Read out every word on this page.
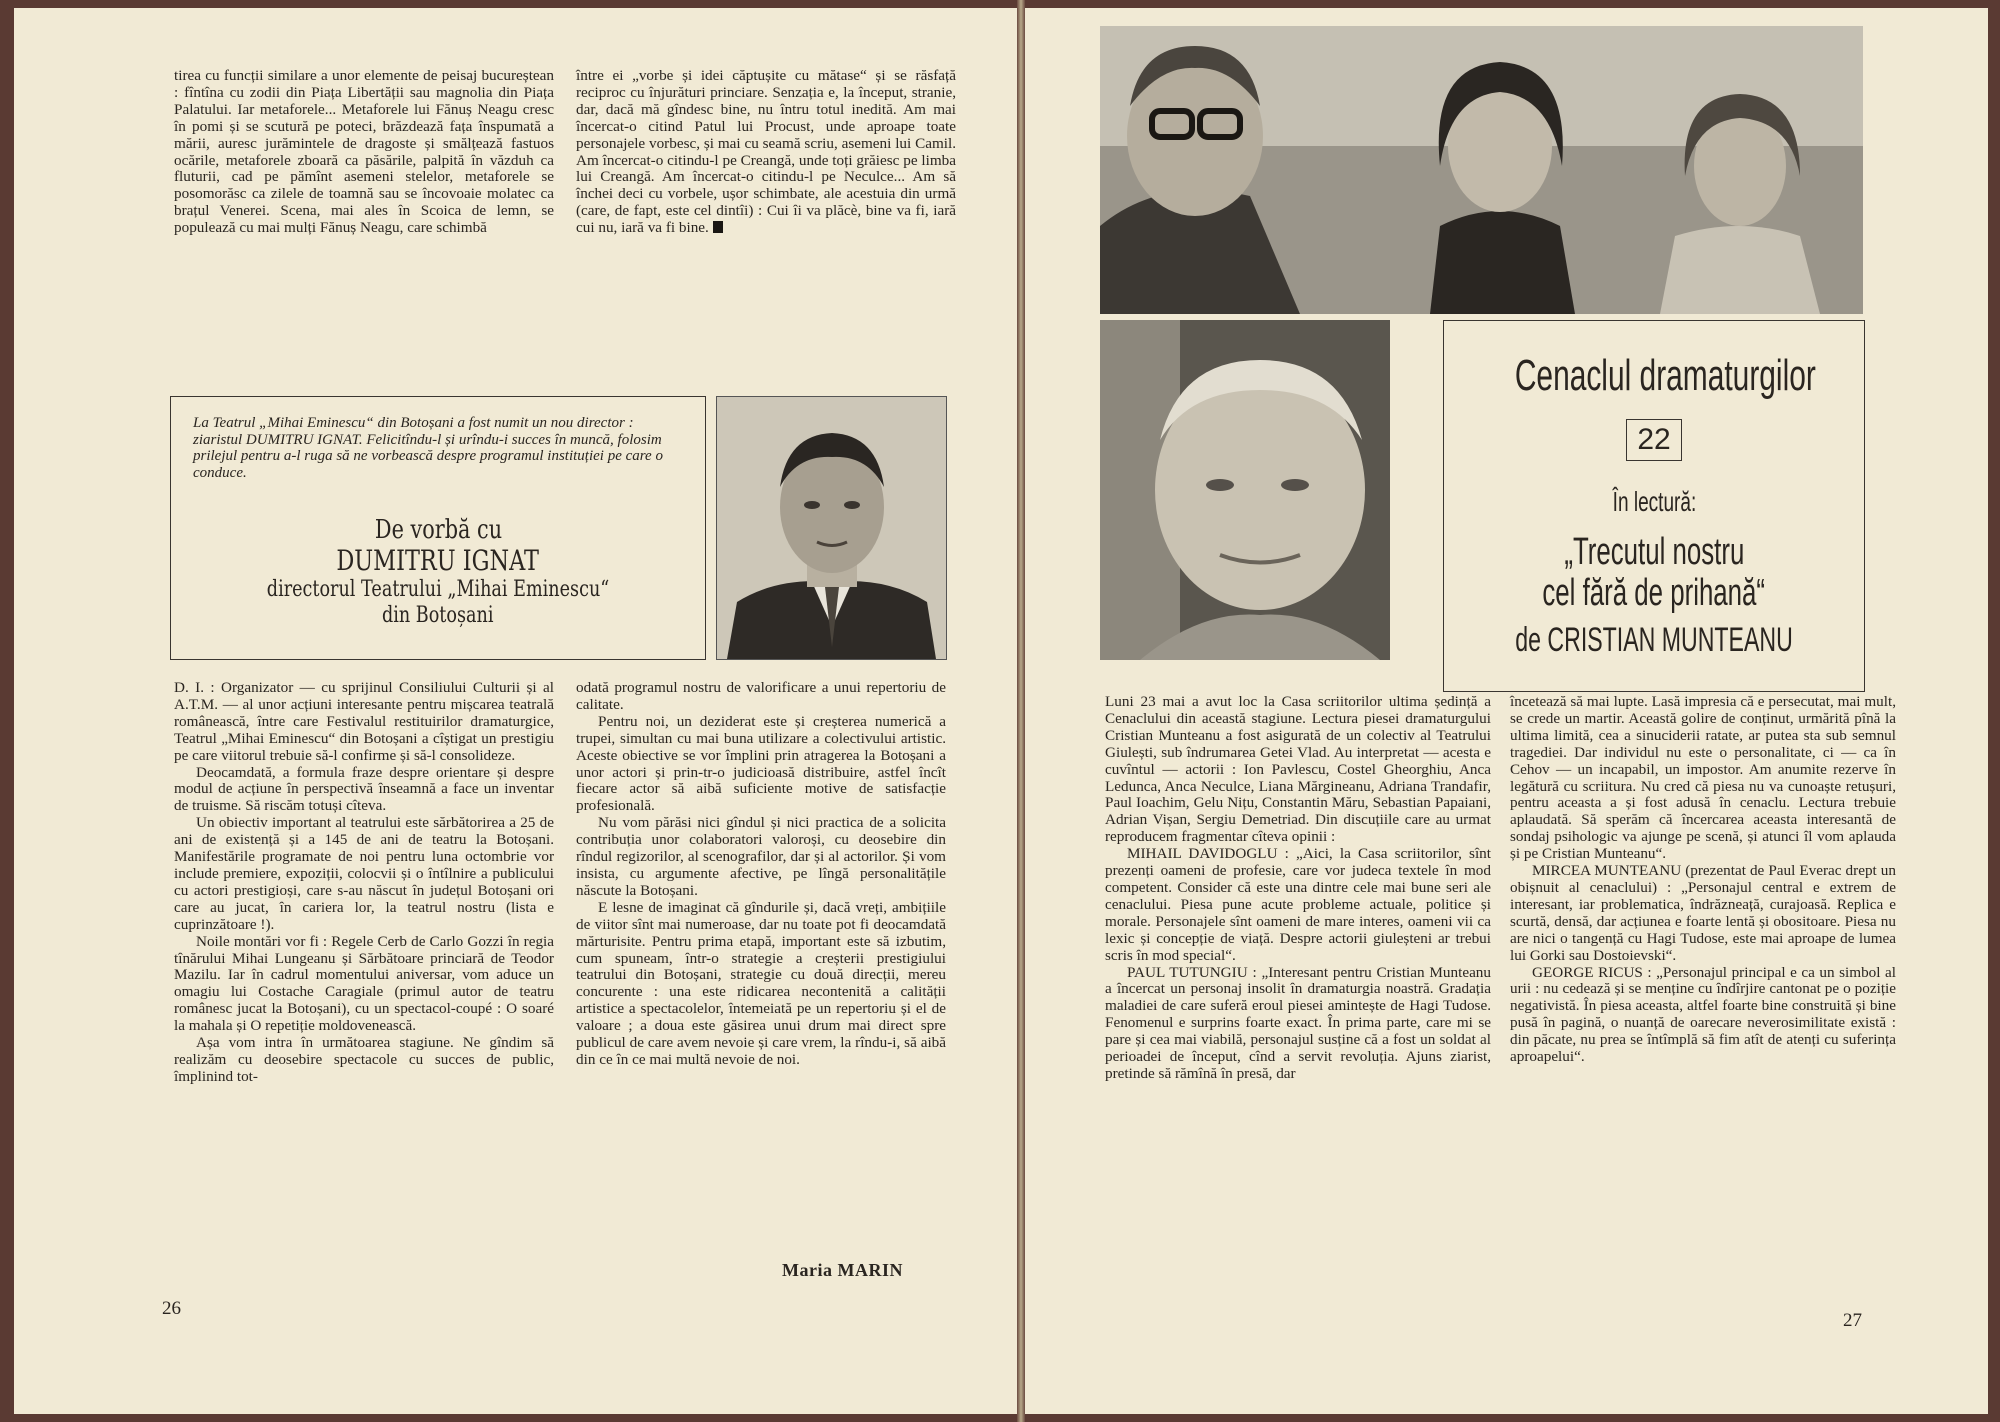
tirea cu funcții similare a unor elemente de peisaj bucureștean : fîntîna cu zodii din Piața Libertății sau magnolia din Piața Palatului. Iar metaforele... Metaforele lui Fănuș Neagu cresc în pomi și se scutură pe poteci, brăzdează fața înspumată a mării, auresc jurămintele de dragoste și smălțează fastuos ocările, metaforele zboară ca păsările, palpită în văzduh ca fluturii, cad pe pămînt asemeni stelelor, metaforele se posomorăsc ca zilele de toamnă sau se încovoaie molatec ca brațul Venerei. Scena, mai ales în Scoica de lemn, se populează cu mai mulți Fănuș Neagu, care schimbă

între ei „vorbe și idei căptușite cu mătase“ și se răsfață reciproc cu înjurături princiare. Senzația e, la început, stranie, dar, dacă mă gîndesc bine, nu întru totul inedită. Am mai încercat-o citind Patul lui Procust, unde aproape toate personajele vorbesc, și mai cu seamă scriu, asemeni lui Camil. Am încercat-o citindu-l pe Creangă, unde toți grăiesc pe limba lui Creangă. Am încercat-o citindu-l pe Neculce... Am să închei deci cu vorbele, ușor schimbate, ale acestuia din urmă (care, de fapt, este cel dintîi) : Cui îi va plăcè, bine va fi, iară cui nu, iară va fi bine.

La Teatrul „Mihai Eminescu“ din Botoșani a fost numit un nou director : ziaristul DUMITRU IGNAT. Felicitîndu-l și urîndu-i succes în muncă, folosim prilejul pentru a-l ruga să ne vorbească despre programul instituției pe care o conduce.
De vorbă cu
DUMITRU IGNAT
directorul Teatrului „Mihai Eminescu“
din Botoșani

D. I. : Organizator — cu sprijinul Consiliului Culturii și al A.T.M. — al unor acțiuni interesante pentru mișcarea teatrală românească, între care Festivalul restituirilor dramaturgice, Teatrul „Mihai Eminescu“ din Botoșani a cîștigat un prestigiu pe care viitorul trebuie să-l confirme și să-l consolideze.

Deocamdată, a formula fraze despre orientare și despre modul de acțiune în perspectivă înseamnă a face un inventar de truisme. Să riscăm totuși cîteva.

Un obiectiv important al teatrului este sărbătorirea a 25 de ani de existență și a 145 de ani de teatru la Botoșani. Manifestările programate de noi pentru luna octombrie vor include premiere, expoziții, colocvii și o întîlnire a publicului cu actori prestigioși, care s-au născut în județul Botoșani ori care au jucat, în cariera lor, la teatrul nostru (lista e cuprinzătoare !).

Noile montări vor fi : Regele Cerb de Carlo Gozzi în regia tînărului Mihai Lungeanu și Sărbătoare princiară de Teodor Mazilu. Iar în cadrul momentului aniversar, vom aduce un omagiu lui Costache Caragiale (primul autor de teatru românesc jucat la Botoșani), cu un spectacol-coupé : O soaré la mahala și O repetiție moldovenească.

Așa vom intra în următoarea stagiune. Ne gîndim să realizăm cu deosebire spectacole cu succes de public, împlinind tot-

odată programul nostru de valorificare a unui repertoriu de calitate.

Pentru noi, un deziderat este și creșterea numerică a trupei, simultan cu mai buna utilizare a colectivului artistic. Aceste obiective se vor împlini prin atragerea la Botoșani a unor actori și prin-tr-o judicioasă distribuire, astfel încît fiecare actor să aibă suficiente motive de satisfacție profesională.

Nu vom părăsi nici gîndul și nici practica de a solicita contribuția unor colaboratori valoroși, cu deosebire din rîndul regizorilor, al scenografilor, dar și al actorilor. Și vom insista, cu argumente afective, pe lîngă personalitățile născute la Botoșani.

E lesne de imaginat că gîndurile și, dacă vreți, ambițiile de viitor sînt mai numeroase, dar nu toate pot fi deocamdată mărturisite. Pentru prima etapă, important este să izbutim, cum spuneam, într-o strategie a creșterii prestigiului teatrului din Botoșani, strategie cu două direcții, mereu concurente : una este ridicarea necontenită a calității artistice a spectacolelor, întemeiată pe un repertoriu și el de valoare ; a doua este găsirea unui drum mai direct spre publicul de care avem nevoie și care vrem, la rîndu-i, să aibă din ce în ce mai multă nevoie de noi.

Maria MARIN
26
Cenaclul dramaturgilor
22
În lectură:
„Trecutul nostru
cel fără de prihană“
de CRISTIAN MUNTEANU

Luni 23 mai a avut loc la Casa scriitorilor ultima ședință a Cenaclului din această stagiune. Lectura piesei dramaturgului Cristian Munteanu a fost asigurată de un colectiv al Teatrului Giulești, sub îndrumarea Getei Vlad. Au interpretat — acesta e cuvîntul — actorii : Ion Pavlescu, Costel Gheorghiu, Anca Ledunca, Anca Neculce, Liana Mărgineanu, Adriana Trandafir, Paul Ioachim, Gelu Nițu, Constantin Măru, Sebastian Papaiani, Adrian Vișan, Sergiu Demetriad. Din discuțiile care au urmat reproducem fragmentar cîteva opinii :

MIHAIL DAVIDOGLU : „Aici, la Casa scriitorilor, sînt prezenți oameni de profesie, care vor judeca textele în mod competent. Consider că este una dintre cele mai bune seri ale cenaclului. Piesa pune acute probleme actuale, politice și morale. Personajele sînt oameni de mare interes, oameni vii ca lexic și concepție de viață. Despre actorii giuleșteni ar trebui scris în mod special“.

PAUL TUTUNGIU : „Interesant pentru Cristian Munteanu a încercat un personaj insolit în dramaturgia noastră. Gradația maladiei de care suferă eroul piesei amintește de Hagi Tudose. Fenomenul e surprins foarte exact. În prima parte, care mi se pare și cea mai viabilă, personajul susține că a fost un soldat al perioadei de început, cînd a servit revoluția. Ajuns ziarist, pretinde să rămînă în presă, dar

încetează să mai lupte. Lasă impresia că e persecutat, mai mult, se crede un martir. Această golire de conținut, urmărită pînă la ultima limită, cea a sinuciderii ratate, ar putea sta sub semnul tragediei. Dar individul nu este o personalitate, ci — ca în Cehov — un incapabil, un impostor. Am anumite rezerve în legătură cu scriitura. Nu cred că piesa nu va cunoaște retușuri, pentru aceasta a și fost adusă în cenaclu. Lectura trebuie aplaudată. Să sperăm că încercarea aceasta interesantă de sondaj psihologic va ajunge pe scenă, și atunci îl vom aplauda și pe Cristian Munteanu“.

MIRCEA MUNTEANU (prezentat de Paul Everac drept un obișnuit al cenaclului) : „Personajul central e extrem de interesant, iar problematica, îndrăzneață, curajoasă. Replica e scurtă, densă, dar acțiunea e foarte lentă și obositoare. Piesa nu are nici o tangență cu Hagi Tudose, este mai aproape de lumea lui Gorki sau Dostoievski“.

GEORGE RICUS : „Personajul principal e ca un simbol al urii : nu cedează și se menține cu îndîrjire cantonat pe o poziție negativistă. În piesa aceasta, altfel foarte bine construită și bine pusă în pagină, o nuanță de oarecare neverosimilitate există : din păcate, nu prea se întîmplă să fim atît de atenți cu suferința aproapelui“.

27
